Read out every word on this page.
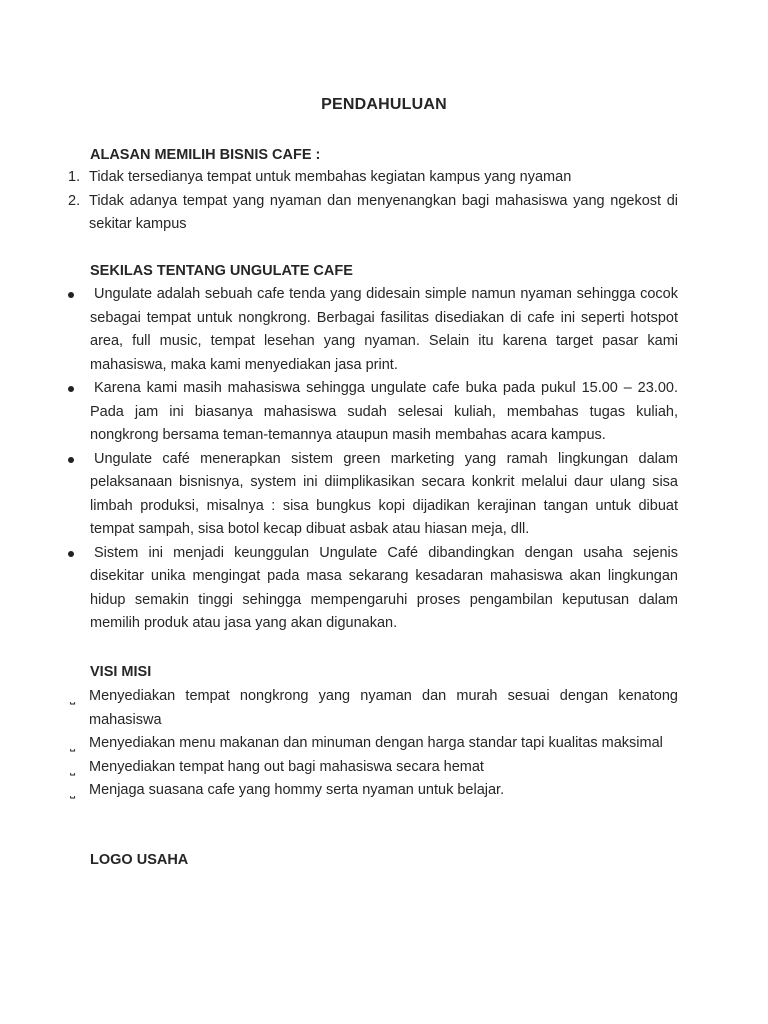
PENDAHULUAN
ALASAN MEMILIH BISNIS CAFE :
1. Tidak tersedianya tempat untuk membahas kegiatan kampus yang nyaman
2. Tidak adanya tempat yang nyaman dan menyenangkan bagi mahasiswa yang ngekost di sekitar kampus
SEKILAS TENTANG UNGULATE CAFE
Ungulate adalah sebuah cafe tenda yang didesain simple namun nyaman sehingga cocok sebagai tempat untuk nongkrong. Berbagai fasilitas disediakan di cafe ini seperti hotspot area, full music, tempat lesehan yang nyaman. Selain itu karena target pasar kami mahasiswa, maka kami menyediakan jasa print.
Karena kami masih mahasiswa sehingga ungulate cafe buka pada pukul 15.00 – 23.00. Pada jam ini biasanya mahasiswa sudah selesai kuliah, membahas tugas kuliah, nongkrong bersama teman-temannya ataupun masih membahas acara kampus.
Ungulate café menerapkan sistem green marketing yang ramah lingkungan dalam pelaksanaan bisnisnya, system ini diimplikasikan secara konkrit melalui daur ulang sisa limbah produksi, misalnya : sisa bungkus kopi dijadikan kerajinan tangan untuk dibuat tempat sampah, sisa botol kecap dibuat asbak atau hiasan meja, dll.
Sistem ini menjadi keunggulan Ungulate Café dibandingkan dengan usaha sejenis disekitar unika mengingat pada masa sekarang kesadaran mahasiswa akan lingkungan hidup semakin tinggi sehingga mempengaruhi proses pengambilan keputusan dalam memilih produk atau jasa yang akan digunakan.
VISI MISI
⎵ Menyediakan tempat nongkrong yang nyaman dan murah sesuai dengan kenatong mahasiswa
⎵ Menyediakan menu makanan dan minuman dengan harga standar tapi kualitas maksimal
⎵ Menyediakan tempat hang out bagi mahasiswa secara hemat
⎵ Menjaga suasana cafe yang hommy serta nyaman untuk belajar.
LOGO USAHA
